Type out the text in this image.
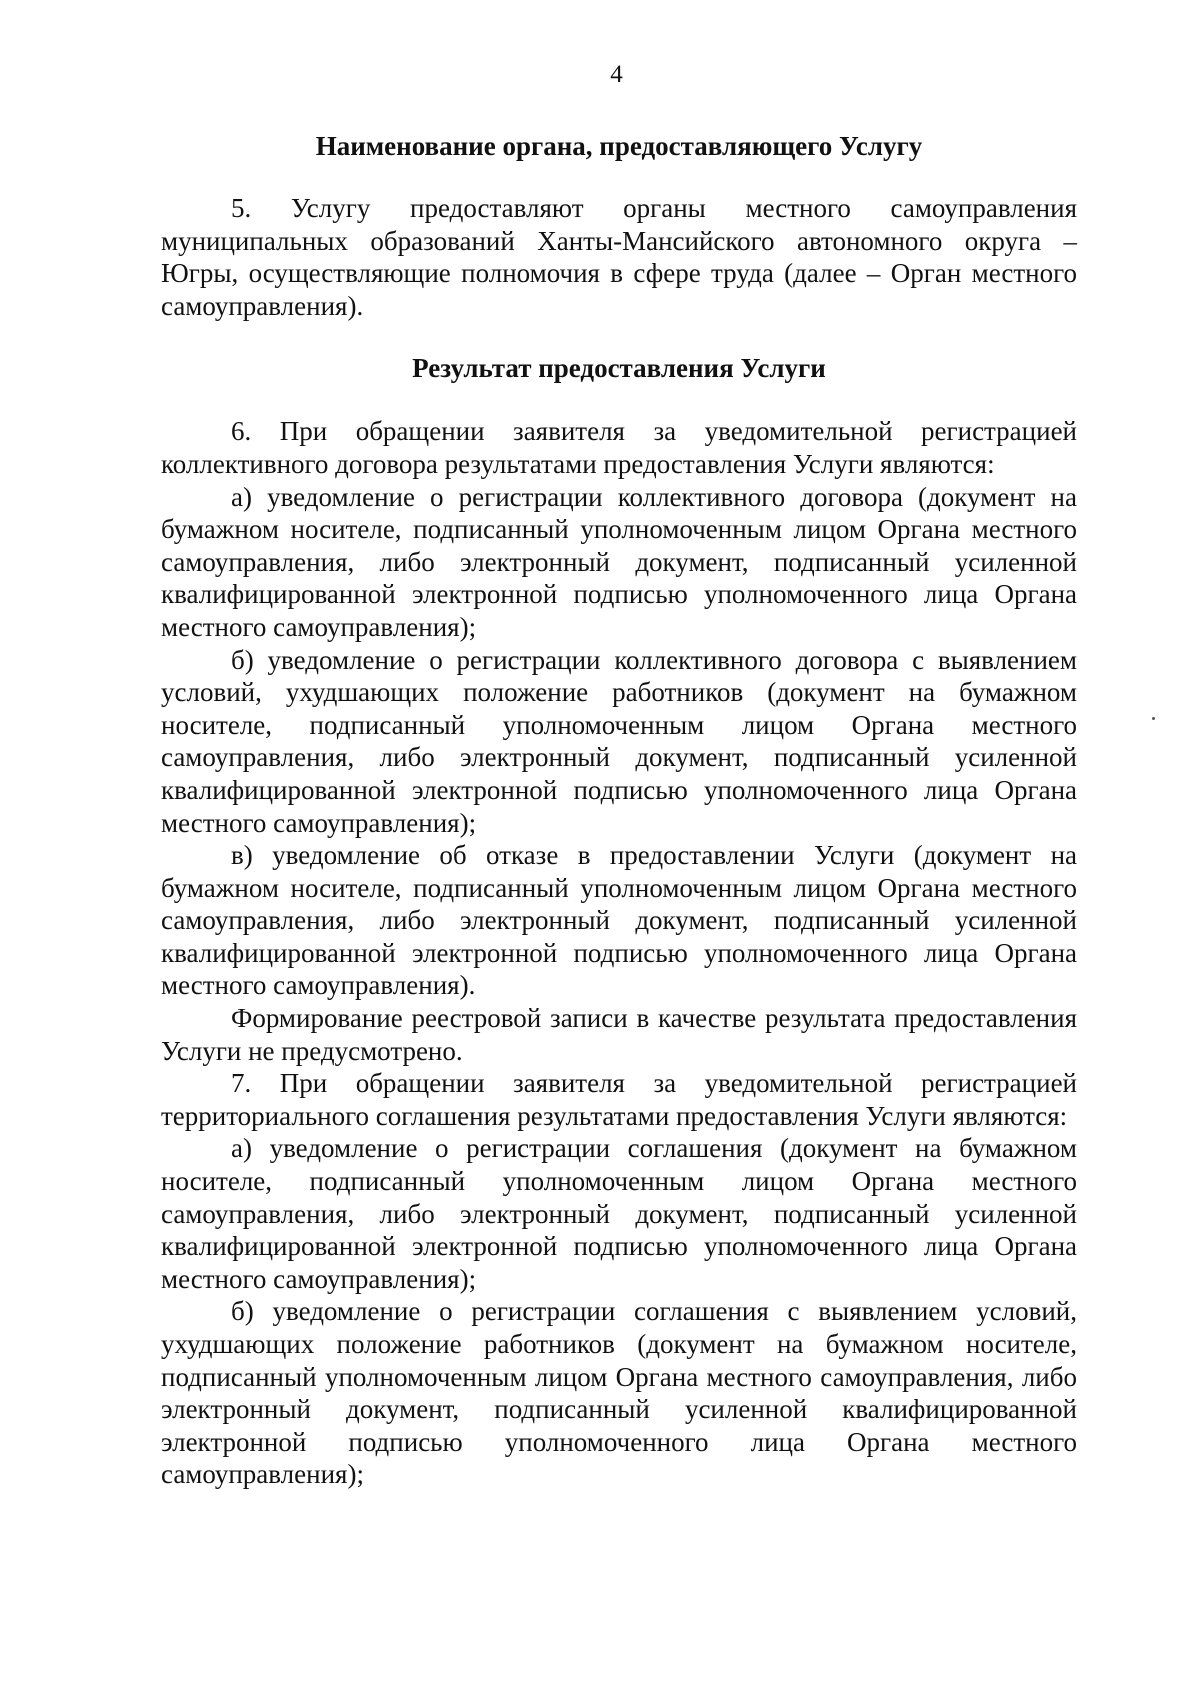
4
Наименование органа, предоставляющего Услугу

5. Услугу предоставляют органы местного самоуправления муниципальных образований Ханты-Мансийского автономного округа – Югры, осуществляющие полномочия в сфере труда (далее – Орган местного самоуправления).

Результат предоставления Услуги

6. При обращении заявителя за уведомительной регистрацией коллективного договора результатами предоставления Услуги являются:

а) уведомление о регистрации коллективного договора (документ на бумажном носителе, подписанный уполномоченным лицом Органа местного самоуправления, либо электронный документ, подписанный усиленной квалифицированной электронной подписью уполномоченного лица Органа местного самоуправления);

б) уведомление о регистрации коллективного договора с выявлением условий, ухудшающих положение работников (документ на бумажном носителе, подписанный уполномоченным лицом Органа местного самоуправления, либо электронный документ, подписанный усиленной квалифицированной электронной подписью уполномоченного лица Органа местного самоуправления);

в) уведомление об отказе в предоставлении Услуги (документ на бумажном носителе, подписанный уполномоченным лицом Органа местного самоуправления, либо электронный документ, подписанный усиленной квалифицированной электронной подписью уполномоченного лица Органа местного самоуправления).

Формирование реестровой записи в качестве результата предоставления Услуги не предусмотрено.

7. При обращении заявителя за уведомительной регистрацией территориального соглашения результатами предоставления Услуги являются:

а) уведомление о регистрации соглашения (документ на бумажном носителе, подписанный уполномоченным лицом Органа местного самоуправления, либо электронный документ, подписанный усиленной квалифицированной электронной подписью уполномоченного лица Органа местного самоуправления);

б) уведомление о регистрации соглашения с выявлением условий, ухудшающих положение работников (документ на бумажном носителе, подписанный уполномоченным лицом Органа местного самоуправления, либо электронный документ, подписанный усиленной квалифицированной электронной подписью уполномоченного лица Органа местного самоуправления);
